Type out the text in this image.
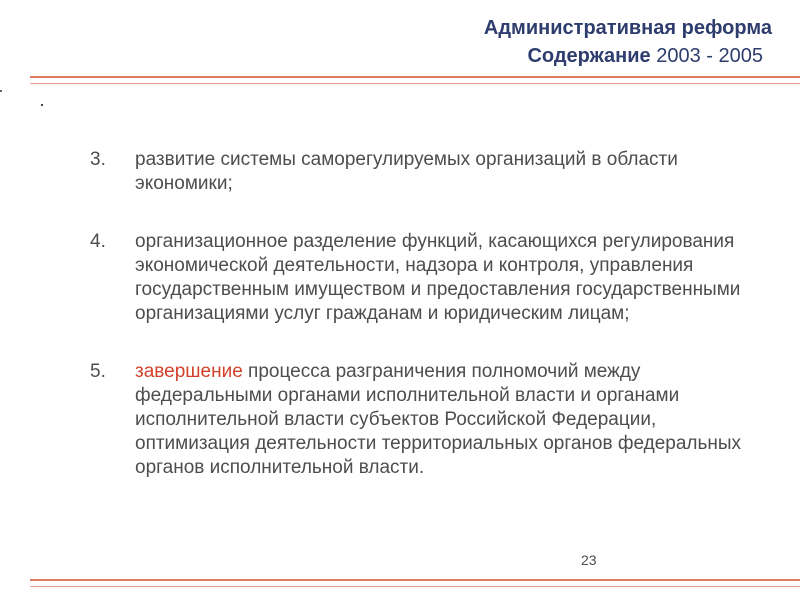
Административная реформа
Содержание 2003 - 2005
3. развитие системы саморегулируемых организаций в области экономики;
4. организационное разделение функций, касающихся регулирования экономической деятельности, надзора и контроля, управления государственным имуществом и предоставления государственными организациями услуг гражданам и юридическим лицам;
5. завершение процесса разграничения полномочий между федеральными органами исполнительной власти и органами исполнительной власти субъектов Российской Федерации, оптимизация деятельности территориальных органов федеральных органов исполнительной власти.
23
